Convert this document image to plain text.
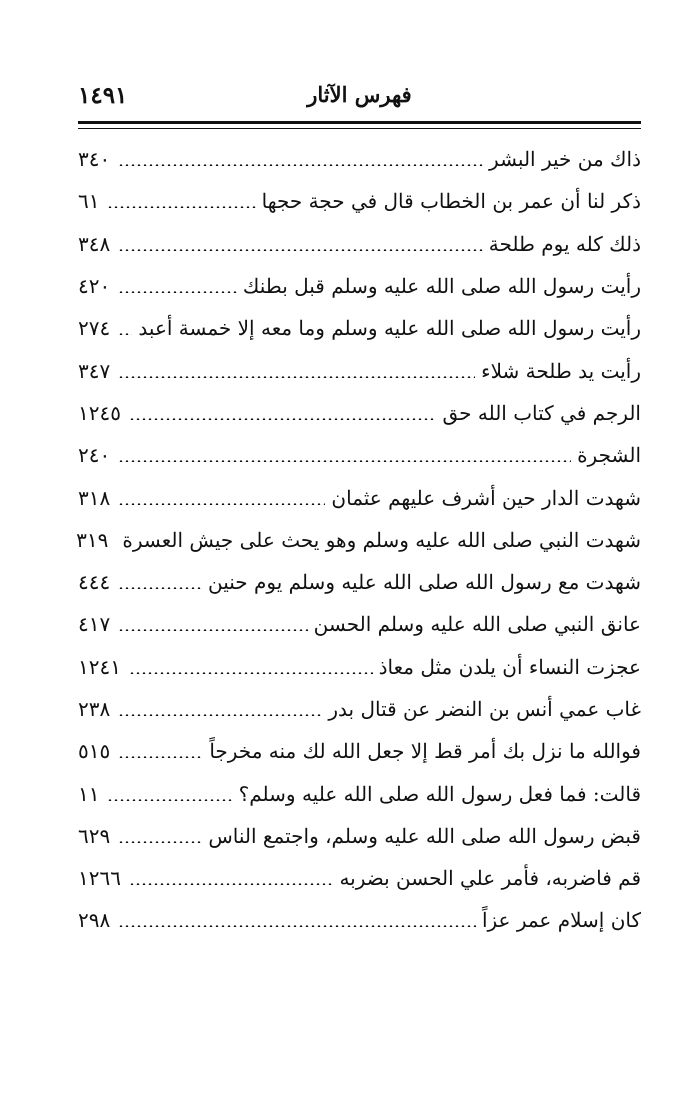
١٤٩١	فهرس الآثار
ذاك من خير البشر
٣٤٠
ذكر لنا أن عمر بن الخطاب قال في حجة حجها
٦١
ذلك كله يوم طلحة
٣٤٨
رأيت رسول الله صلى الله عليه وسلم قبل بطنك
٤٢٠
رأيت رسول الله صلى الله عليه وسلم وما معه إلا خمسة أعبد
٢٧٤
رأيت يد طلحة شلاء
٣٤٧
الرجم في كتاب الله حق
١٢٤٥
الشجرة
٢٤٠
شهدت الدار حين أشرف عليهم عثمان
٣١٨
شهدت النبي صلى الله عليه وسلم وهو يحث على جيش العسرة
٣١٩
شهدت مع رسول الله صلى الله عليه وسلم يوم حنين
٤٤٤
عانق النبي صلى الله عليه وسلم الحسن
٤١٧
عجزت النساء أن يلدن مثل معاذ
١٢٤١
غاب عمي أنس بن النضر عن قتال بدر
٢٣٨
فوالله ما نزل بك أمر قط إلا جعل الله لك منه مخرجاً
٥١٥
قالت: فما فعل رسول الله صلى الله عليه وسلم؟
١١
قبض رسول الله صلى الله عليه وسلم، واجتمع الناس
٦٢٩
قم فاضربه، فأمر علي الحسن بضربه
١٢٦٦
كان إسلام عمر عزاً
٢٩٨
